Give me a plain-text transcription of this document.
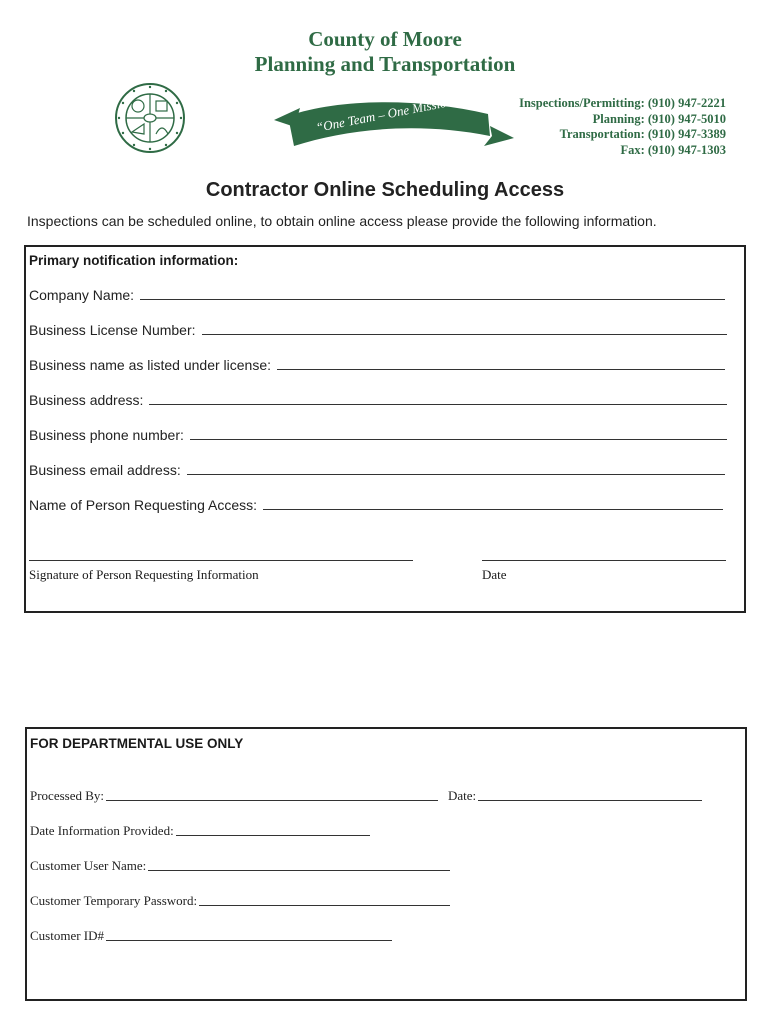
County of Moore
Planning and Transportation
“One Team – One Mission”	Inspections/Permitting: (910) 947-2221
Planning: (910) 947-5010
Transportation: (910) 947-3389
Fax: (910) 947-1303
Contractor Online Scheduling Access
Inspections can be scheduled online, to obtain online access please provide the following information.
Primary notification information:
Company Name:
Business License Number:
Business name as listed under license:
Business address:
Business phone number:
Business email address:
Name of Person Requesting Access:
Signature of Person Requesting Information	Date
FOR DEPARTMENTAL USE ONLY
Processed By:	Date:
Date Information Provided:
Customer User Name:
Customer Temporary Password:
Customer ID#
